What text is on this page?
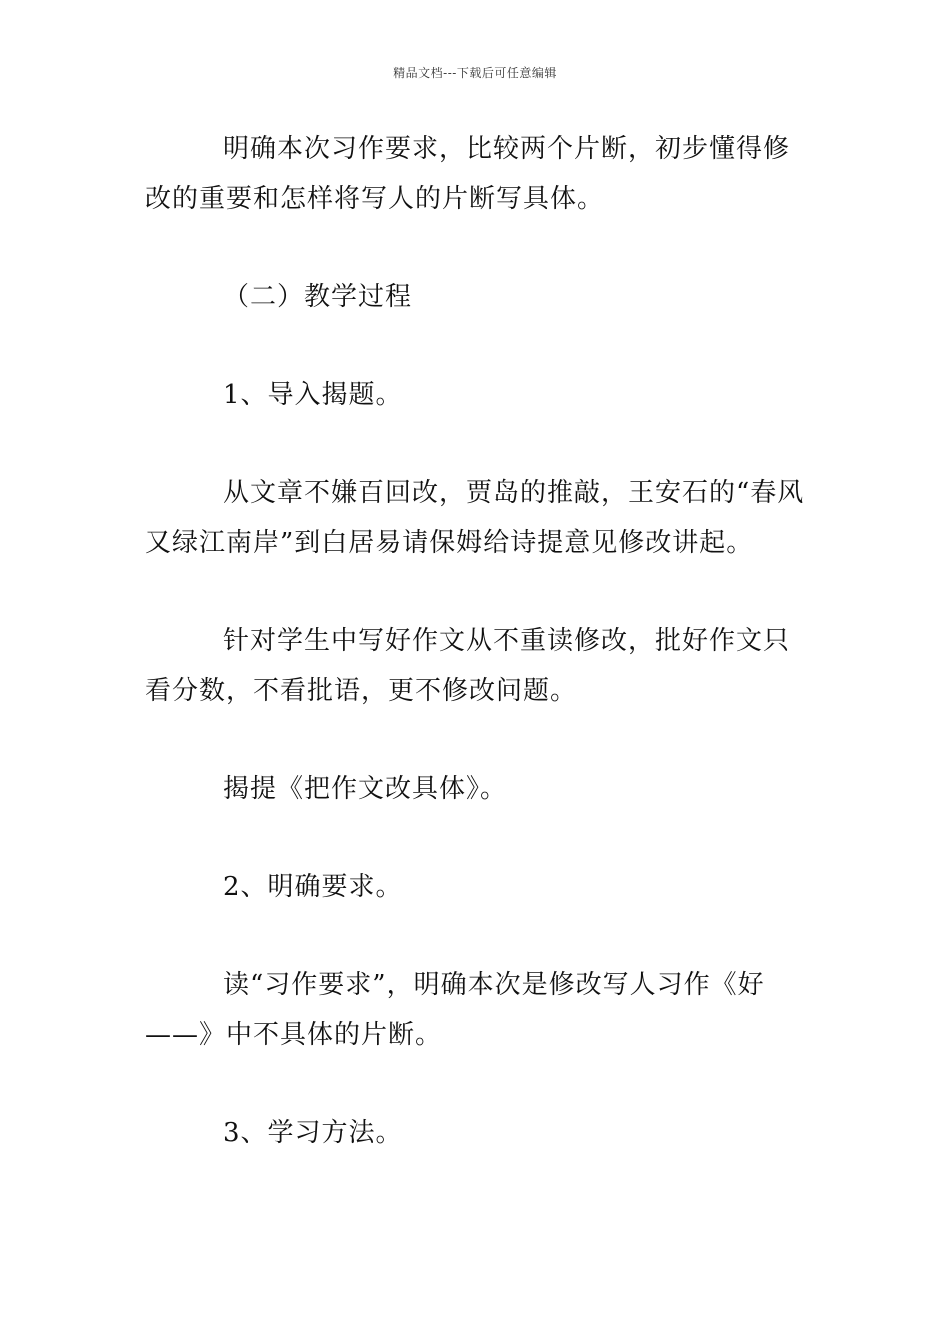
精品文档---下载后可任意编辑

明确本次习作要求，比较两个片断，初步懂得修改的重要和怎样将写人的片断写具体。

（二）教学过程

1、导入揭题。

从文章不嫌百回改，贾岛的推敲，王安石的“春风又绿江南岸”到白居易请保姆给诗提意见修改讲起。

针对学生中写好作文从不重读修改，批好作文只看分数，不看批语，更不修改问题。

揭提《把作文改具体》。

2、明确要求。

读“习作要求”，明确本次是修改写人习作《好——》中不具体的片断。

3、学习方法。
